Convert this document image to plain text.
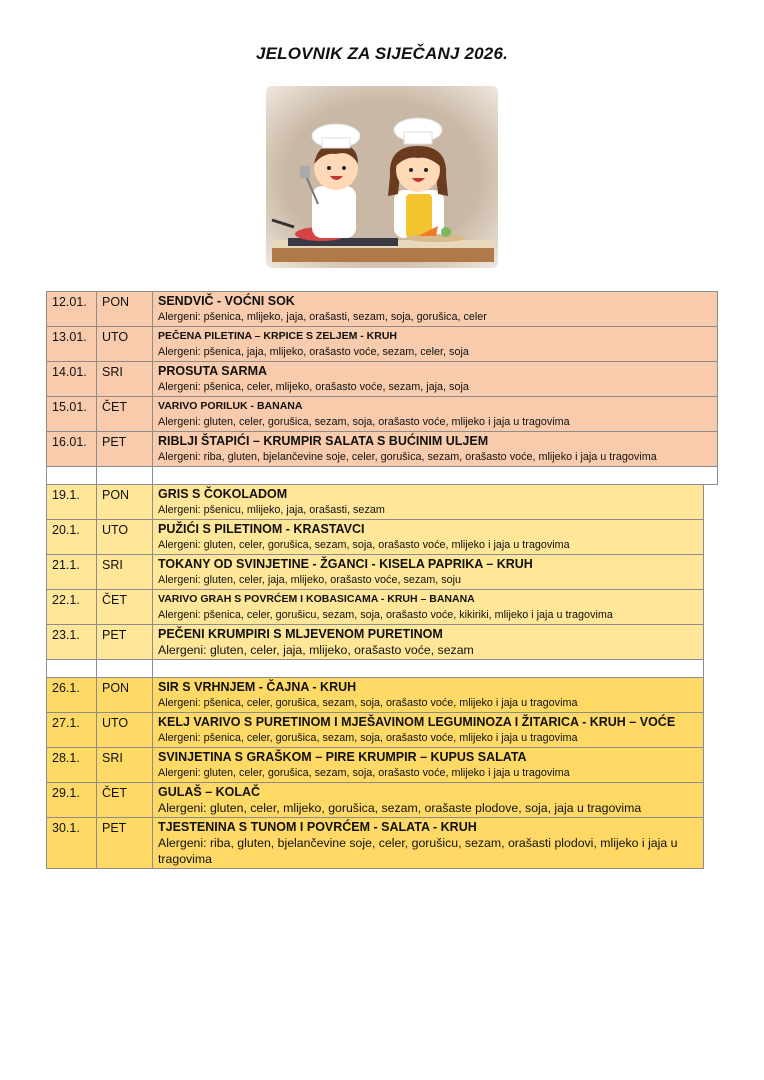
JELOVNIK ZA SIJEČANJ 2026.
12.01.	PON	SENDVIČ - VOĆNI SOK
Alergeni: pšenica, mlijeko, jaja, orašasti, sezam, soja, gorušica, celer

13.01.	UTO	PEČENA PILETINA – KRPICE S ZELJEM - KRUH
Alergeni: pšenica, jaja, mlijeko, orašasto voće, sezam, celer, soja

14.01.	SRI	PROSUTA SARMA
Alergeni: pšenica, celer, mlijeko, orašasto voće, sezam, jaja, soja

15.01.	ČET	VARIVO PORILUK - BANANA
Alergeni: gluten, celer, gorušica, sezam, soja, orašasto voće, mlijeko i jaja u tragovima

16.01.	PET	RIBLJI ŠTAPIĆI – KRUMPIR SALATA S BUĆINIM ULJEM
Alergeni: riba, gluten, bjelančevine soje, celer, gorušica, sezam, orašasto voće, mlijeko i jaja u tragovima

19.1.	PON	GRIS S ČOKOLADOM
Alergeni: pšenicu, mlijeko, jaja, orašasti, sezam

20.1.	UTO	PUŽIĆI S PILETINOM - KRASTAVCI
Alergeni: gluten, celer, gorušica, sezam, soja, orašasto voće, mlijeko i jaja u tragovima

21.1.	SRI	TOKANY OD SVINJETINE - ŽGANCI - KISELA PAPRIKA – KRUH
Alergeni: gluten, celer, jaja, mlijeko, orašasto voće, sezam, soju

22.1.	ČET	VARIVO GRAH S POVRĆEM I KOBASICAMA - KRUH – BANANA
Alergeni: pšenica, celer, gorušicu, sezam, soja, orašasto voće, kikiriki, mlijeko i jaja u tragovima

23.1.	PET	PEČENI KRUMPIRI S MLJEVENOM PURETINOM
Alergeni: gluten, celer, jaja, mlijeko, orašasto voće, sezam

26.1.	PON	SIR S VRHNJEM - ČAJNA - KRUH
Alergeni: pšenica, celer, gorušica, sezam, soja, orašasto voće, mlijeko i jaja u tragovima

27.1.	UTO	KELJ VARIVO S PURETINOM I MJEŠAVINOM LEGUMINOZA I ŽITARICA - KRUH – VOĆE
Alergeni: pšenica, celer, gorušica, sezam, soja, orašasto voće, mlijeko i jaja u tragovima

28.1.	SRI	SVINJETINA S GRAŠKOM – PIRE KRUMPIR – KUPUS SALATA
Alergeni: gluten, celer, gorušica, sezam, soja, orašasto voće, mlijeko i jaja u tragovima

29.1.	ČET	GULAŠ – KOLAČ
Alergeni: gluten, celer, mlijeko, gorušica, sezam, orašaste plodove, soja, jaja u tragovima

30.1.	PET	TJESTENINA S TUNOM I POVRĆEM - SALATA - KRUH
Alergeni: riba, gluten, bjelančevine soje, celer, gorušicu, sezam, orašasti plodovi, mlijeko i jaja u tragovima
